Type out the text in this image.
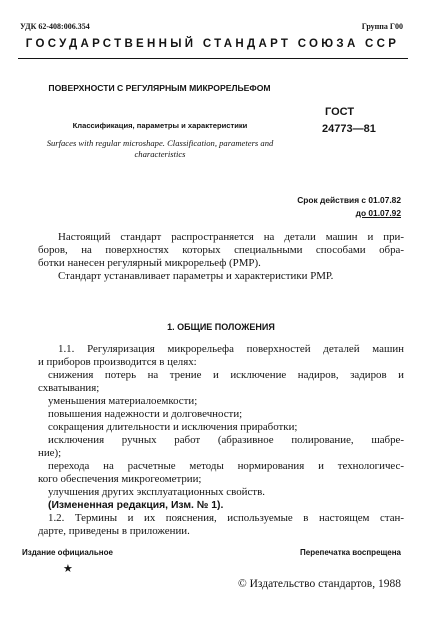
УДК 62-408:006.354	Группа Г00
ГОСУДАРСТВЕННЫЙ СТАНДАРТ СОЮЗА ССР
ПОВЕРХНОСТИ С РЕГУЛЯРНЫМ МИКРОРЕЛЬЕФОМ
Классификация, параметры и характеристики
Surfaces with regular microshape. Classification, parameters and characteristics
ГОСТ
24773—81
Срок действия с 01.07.82
до 01.07.92
Настоящий стандарт распространяется на детали машин и при-
боров, на поверхностях которых специальными способами обра-
ботки нанесен регулярный микрорельеф (РМР).
Стандарт устанавливает параметры и характеристики РМР.
1. ОБЩИЕ ПОЛОЖЕНИЯ
1.1. Регуляризация микрорельефа поверхностей деталей машин
и приборов производится в целях:
снижения потерь на трение и исключение надиров, задиров и
схватывания;
уменьшения материалоемкости;
повышения надежности и долговечности;
сокращения длительности и исключения приработки;
исключения ручных работ (абразивное полирование, шабре-
ние);
перехода на расчетные методы нормирования и технологичес-
кого обеспечения микрогеометрии;
улучшения других эксплуатационных свойств.
(Измененная редакция, Изм. № 1).
1.2. Термины и их пояснения, используемые в настоящем стан-
дарте, приведены в приложении.
Издание официальное	Перепечатка воспрещена
★
© Издательство стандартов, 1988
